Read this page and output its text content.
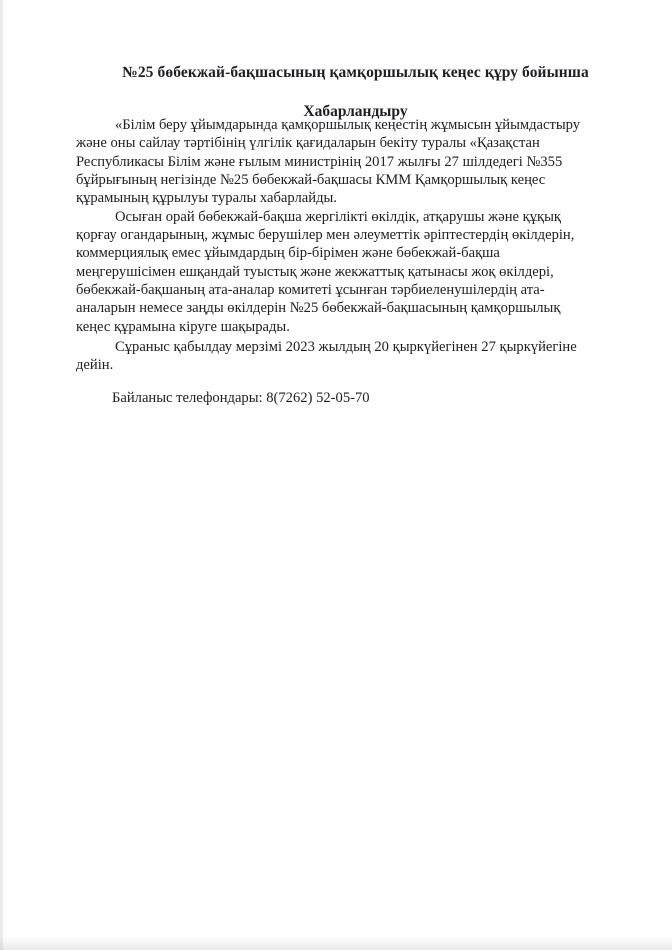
№25 бөбекжай-бақшасының қамқоршылық кеңес құру бойынша
Хабарландыру
«Білім беру ұйымдарында қамқоршылық кеңестің жұмысын ұйымдастыру
және оны сайлау тәртібінің үлгілік қағидаларын бекіту туралы «Қазақстан
Республикасы Білім және ғылым министрінің 2017 жылғы 27 шілдедегі №355
бұйрығының негізінде №25 бөбекжай-бақшасы КММ Қамқоршылық кеңес
құрамының құрылуы туралы хабарлайды.
Осыған орай бөбекжай-бақша жергілікті өкілдік, атқарушы және құқық
қорғау огандарының, жұмыс берушілер мен әлеуметтік әріптестердің өкілдерін,
коммерциялық емес ұйымдардың бір-бірімен және бөбекжай-бақша
меңгерушісімен ешқандай туыстық және жекжаттық қатынасы жоқ өкілдері,
бөбекжай-бақшаның ата-аналар комитеті ұсынған тәрбиеленушілердің ата-
аналарын немесе заңды өкілдерін №25 бөбекжай-бақшасының қамқоршылық
кеңес құрамына кіруге шақырады.
Сұраныс қабылдау мерзімі 2023 жылдың 20 қыркүйегінен 27 қыркүйегіне
дейін.
Байланыс телефондары: 8(7262) 52-05-70
